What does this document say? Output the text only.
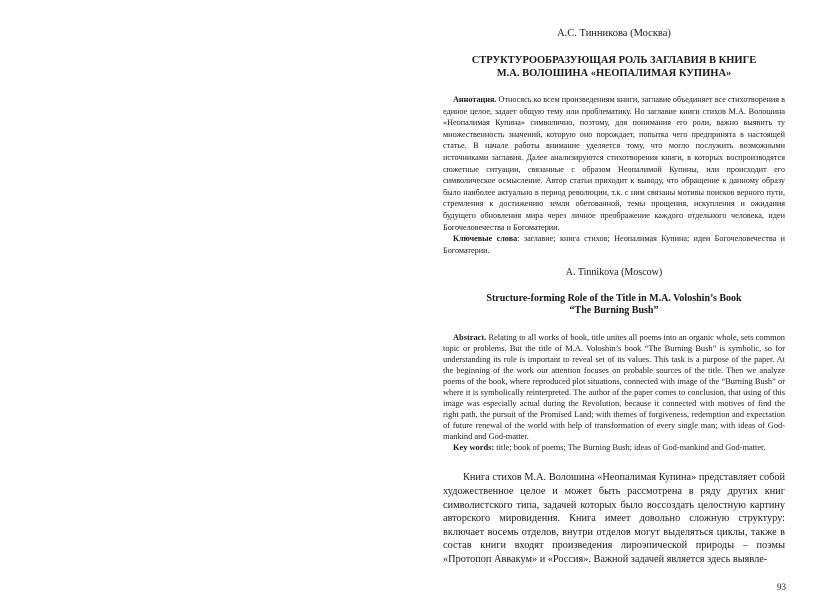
А.С. Тинникова (Москва)

СТРУКТУРООБРАЗУЮЩАЯ РОЛЬ ЗАГЛАВИЯ В КНИГЕ
М.А. ВОЛОШИНА «НЕОПАЛИМАЯ КУПИНА»

Аннотация. Относясь ко всем произведениям книги, заглавие объединяет все стихотворения в единое целое, задает общую тему или проблематику. Но заглавие книги стихов М.А. Волошина «Неопалимая Купина» символично, поэтому, для понимания его роли, важно выявить ту множественность значений, которую оно порождает, попытка чего предпринята в настоящей статье. В начале работы внимание уделяется тому, что могло послужить возможными источниками заглавия. Далее анализируются стихотворения книги, в которых воспроизводятся сюжетные ситуации, связанные с образом Неопалимой Купины, или происходит его символическое осмысление. Автор статьи приходит к выводу, что обращение к данному образу было наиболее актуально в период революции, т.к. с ним связаны мотивы поисков верного пути, стремления к достижению земли обетованной, темы прощения, искупления и ожидания будущего обновления мира через личное преображение каждого отдельного человека, идеи Богочеловечества и Богоматерии.

Ключевые слова: заглавие; книга стихов; Неопалимая Купина; идеи Богочеловечества и Богоматерии.

A. Tinnikova (Moscow)

Structure-forming Role of the Title in M.A. Voloshin’s Book
“The Burning Bush”

Abstract. Relating to all works of book, title unites all poems into an organic whole, sets common topic or problems. But the title of M.A. Voloshin’s book “The Burning Bush” is symbolic, so for understanding its role is important to reveal set of its values. This task is a purpose of the paper. At the beginning of the work our attention focuses on probable sources of the title. Then we analyze poems of the book, where reproduced plot situations, connected with image of the “Burning Bush” or where it is symbolically reinterpreted. The author of the paper comes to conclusion, that using of this image was especially actual during the Revolution, because it connected with motives of find the right path, the pursuit of the Promised Land; with themes of forgiveness, redemption and expectation of future renewal of the world with help of transformation of every single man; with ideas of God-mankind and God-matter.

Key words: title; book of poems; The Burning Bush; ideas of God-mankind and God-matter.

Книга стихов М.А. Волошина «Неопалимая Купина» представляет собой художественное целое и может быть рассмотрена в ряду других книг символистского типа, задачей которых было воссоздать целостную картину авторского мировидения. Книга имеет довольно сложную структуру: включает восемь отделов, внутри отделов могут выделяться циклы, также в состав книги входят произведения лироэпической природы – поэмы «Протопоп Аввакум» и «Россия». Важной задачей является здесь выявле-

93
